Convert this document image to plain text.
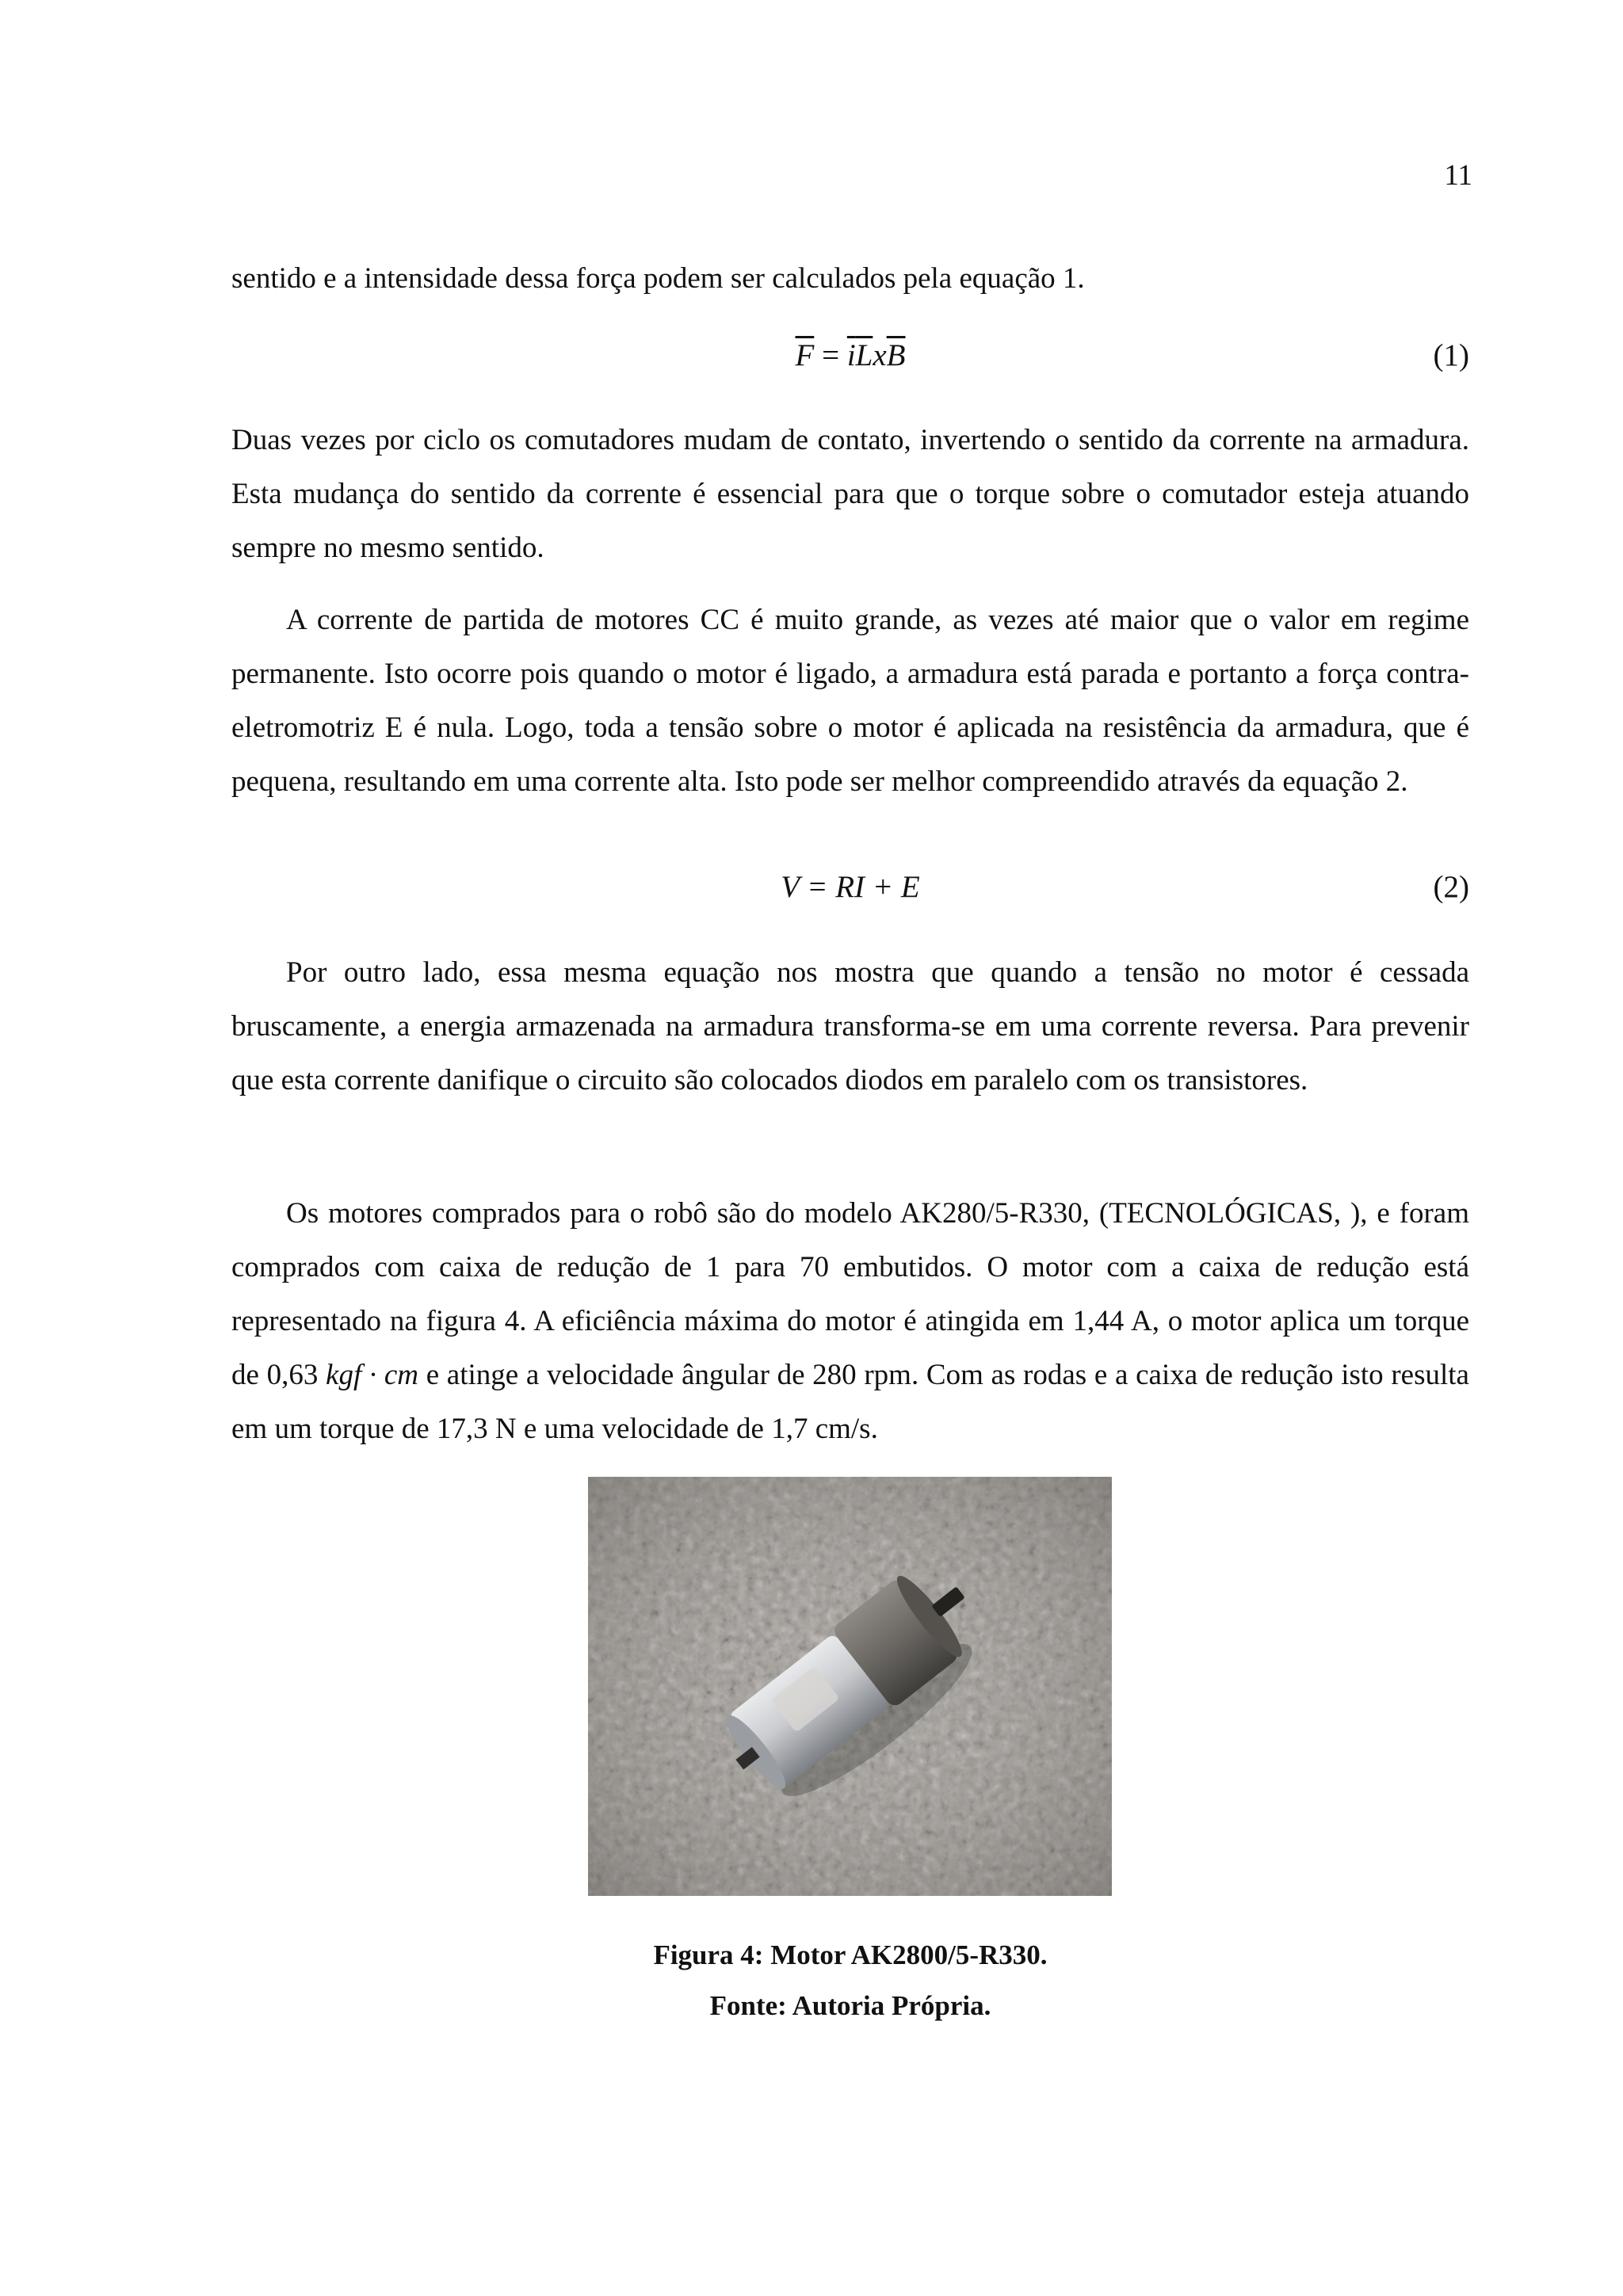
11

sentido e a intensidade dessa força podem ser calculados pela equação 1.

$\overline{F} = \overline{i}\overline{L}x\overline{B}$	(1)

Duas vezes por ciclo os comutadores mudam de contato, invertendo o sentido da corrente na armadura. Esta mudança do sentido da corrente é essencial para que o torque sobre o comutador esteja atuando sempre no mesmo sentido.

A corrente de partida de motores CC é muito grande, as vezes até maior que o valor em regime permanente. Isto ocorre pois quando o motor é ligado, a armadura está parada e portanto a força contra-eletromotriz E é nula. Logo, toda a tensão sobre o motor é aplicada na resistência da armadura, que é pequena, resultando em uma corrente alta. Isto pode ser melhor compreendido através da equação 2.

V = RI + E	(2)

Por outro lado, essa mesma equação nos mostra que quando a tensão no motor é cessada bruscamente, a energia armazenada na armadura transforma-se em uma corrente reversa. Para prevenir que esta corrente danifique o circuito são colocados diodos em paralelo com os transistores.

Os motores comprados para o robô são do modelo AK280/5-R330, (TECNOLÓGICAS, ), e foram comprados com caixa de redução de 1 para 70 embutidos. O motor com a caixa de redução está representado na figura 4. A eficiência máxima do motor é atingida em 1,44 A, o motor aplica um torque de 0,63 kgf · cm e atinge a velocidade ângular de 280 rpm. Com as rodas e a caixa de redução isto resulta em um torque de 17,3 N e uma velocidade de 1,7 cm/s.

Figura 4: Motor AK2800/5-R330.
Fonte: Autoria Própria.
